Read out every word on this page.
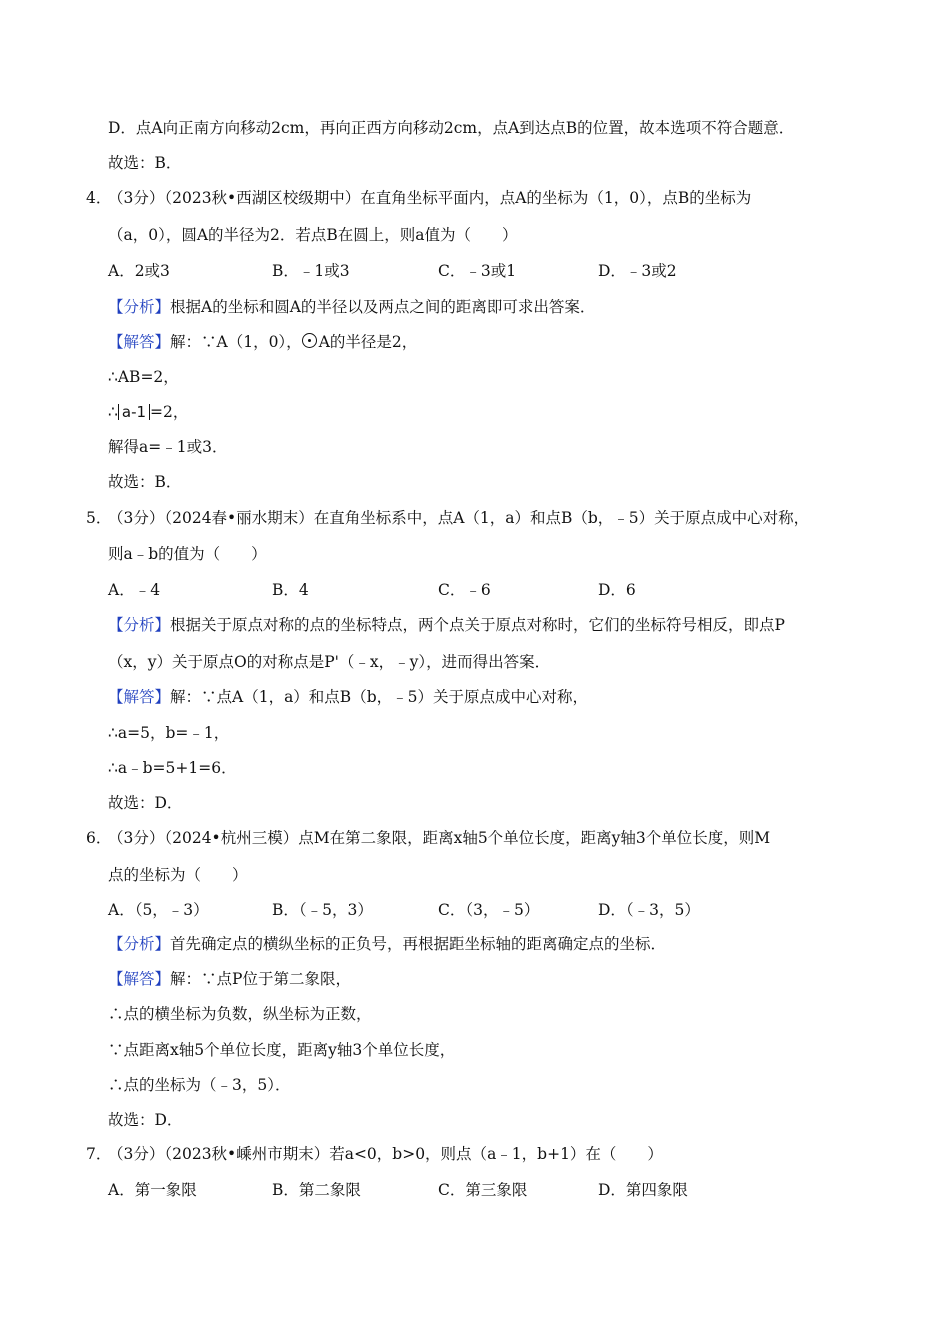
D．点A向正南方向移动2cm，再向正西方向移动2cm，点A到达点B的位置，故本选项不符合题意．
故选：B．
4．
（3分）（2023秋•西湖区校级期中）在直角坐标平面内，点A的坐标为（1，0），点B的坐标为
（a，0），圆A的半径为2．若点B在圆上，则a值为（　　）
A．2或3	B．﹣1或3	C．﹣3或1	D．﹣3或2
【分析】根据A的坐标和圆A的半径以及两点之间的距离即可求出答案．
【解答】解：∵A（1，0）， A的半径是2，
∴AB=2，
∴ a-1 =2，
解得a=﹣1或3．
故选：B．
5．
（3分）（2024春•丽水期末）在直角坐标系中，点A（1，a）和点B（b，﹣5）关于原点成中心对称，
则a﹣b的值为（　　）
A．﹣4	B．4	C．﹣6	D．6
【分析】根据关于原点对称的点的坐标特点，两个点关于原点对称时，它们的坐标符号相反，即点P
（x，y）关于原点O的对称点是P'（﹣x，﹣y），进而得出答案．
【解答】解：∵点A（1，a）和点B（b，﹣5）关于原点成中心对称，
∴a=5，b=﹣1，
∴a﹣b=5+1=6．
故选：D．
6．
（3分）（2024•杭州三模）点M在第二象限，距离x轴5个单位长度，距离y轴3个单位长度，则M
点的坐标为（　　）
A．（5，﹣3）	B．（﹣5，3）	C．（3，﹣5）	D．（﹣3，5）
【分析】首先确定点的横纵坐标的正负号，再根据距坐标轴的距离确定点的坐标．
【解答】解：∵点P位于第二象限，
∴点的横坐标为负数，纵坐标为正数，
∵点距离x轴5个单位长度，距离y轴3个单位长度，
∴点的坐标为（﹣3，5）．
故选：D．
7．
（3分）（2023秋•嵊州市期末）若a<0，b>0，则点（a﹣1，b+1）在（　　）
A．第一象限	B．第二象限	C．第三象限	D．第四象限
